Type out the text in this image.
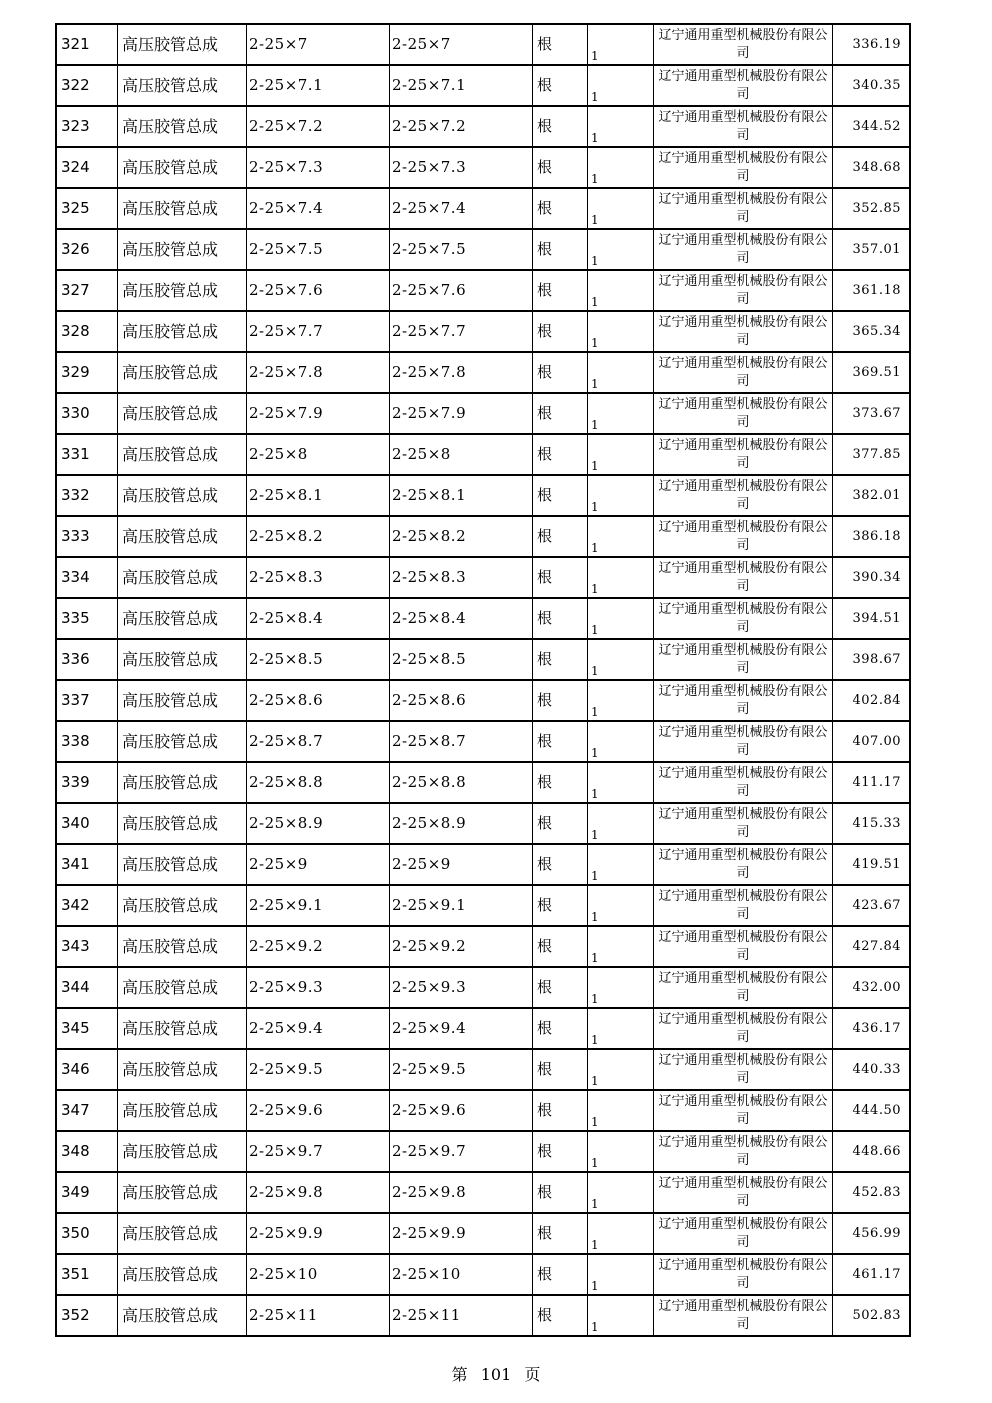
321	高压胶管总成	2-25×7	2-25×7	根	1	辽宁通用重型机械股份有限公司	336.19
322	高压胶管总成	2-25×7.1	2-25×7.1	根	1	辽宁通用重型机械股份有限公司	340.35
323	高压胶管总成	2-25×7.2	2-25×7.2	根	1	辽宁通用重型机械股份有限公司	344.52
324	高压胶管总成	2-25×7.3	2-25×7.3	根	1	辽宁通用重型机械股份有限公司	348.68
325	高压胶管总成	2-25×7.4	2-25×7.4	根	1	辽宁通用重型机械股份有限公司	352.85
326	高压胶管总成	2-25×7.5	2-25×7.5	根	1	辽宁通用重型机械股份有限公司	357.01
327	高压胶管总成	2-25×7.6	2-25×7.6	根	1	辽宁通用重型机械股份有限公司	361.18
328	高压胶管总成	2-25×7.7	2-25×7.7	根	1	辽宁通用重型机械股份有限公司	365.34
329	高压胶管总成	2-25×7.8	2-25×7.8	根	1	辽宁通用重型机械股份有限公司	369.51
330	高压胶管总成	2-25×7.9	2-25×7.9	根	1	辽宁通用重型机械股份有限公司	373.67
331	高压胶管总成	2-25×8	2-25×8	根	1	辽宁通用重型机械股份有限公司	377.85
332	高压胶管总成	2-25×8.1	2-25×8.1	根	1	辽宁通用重型机械股份有限公司	382.01
333	高压胶管总成	2-25×8.2	2-25×8.2	根	1	辽宁通用重型机械股份有限公司	386.18
334	高压胶管总成	2-25×8.3	2-25×8.3	根	1	辽宁通用重型机械股份有限公司	390.34
335	高压胶管总成	2-25×8.4	2-25×8.4	根	1	辽宁通用重型机械股份有限公司	394.51
336	高压胶管总成	2-25×8.5	2-25×8.5	根	1	辽宁通用重型机械股份有限公司	398.67
337	高压胶管总成	2-25×8.6	2-25×8.6	根	1	辽宁通用重型机械股份有限公司	402.84
338	高压胶管总成	2-25×8.7	2-25×8.7	根	1	辽宁通用重型机械股份有限公司	407.00
339	高压胶管总成	2-25×8.8	2-25×8.8	根	1	辽宁通用重型机械股份有限公司	411.17
340	高压胶管总成	2-25×8.9	2-25×8.9	根	1	辽宁通用重型机械股份有限公司	415.33
341	高压胶管总成	2-25×9	2-25×9	根	1	辽宁通用重型机械股份有限公司	419.51
342	高压胶管总成	2-25×9.1	2-25×9.1	根	1	辽宁通用重型机械股份有限公司	423.67
343	高压胶管总成	2-25×9.2	2-25×9.2	根	1	辽宁通用重型机械股份有限公司	427.84
344	高压胶管总成	2-25×9.3	2-25×9.3	根	1	辽宁通用重型机械股份有限公司	432.00
345	高压胶管总成	2-25×9.4	2-25×9.4	根	1	辽宁通用重型机械股份有限公司	436.17
346	高压胶管总成	2-25×9.5	2-25×9.5	根	1	辽宁通用重型机械股份有限公司	440.33
347	高压胶管总成	2-25×9.6	2-25×9.6	根	1	辽宁通用重型机械股份有限公司	444.50
348	高压胶管总成	2-25×9.7	2-25×9.7	根	1	辽宁通用重型机械股份有限公司	448.66
349	高压胶管总成	2-25×9.8	2-25×9.8	根	1	辽宁通用重型机械股份有限公司	452.83
350	高压胶管总成	2-25×9.9	2-25×9.9	根	1	辽宁通用重型机械股份有限公司	456.99
351	高压胶管总成	2-25×10	2-25×10	根	1	辽宁通用重型机械股份有限公司	461.17
352	高压胶管总成	2-25×11	2-25×11	根	1	辽宁通用重型机械股份有限公司	502.83
第 101 页
